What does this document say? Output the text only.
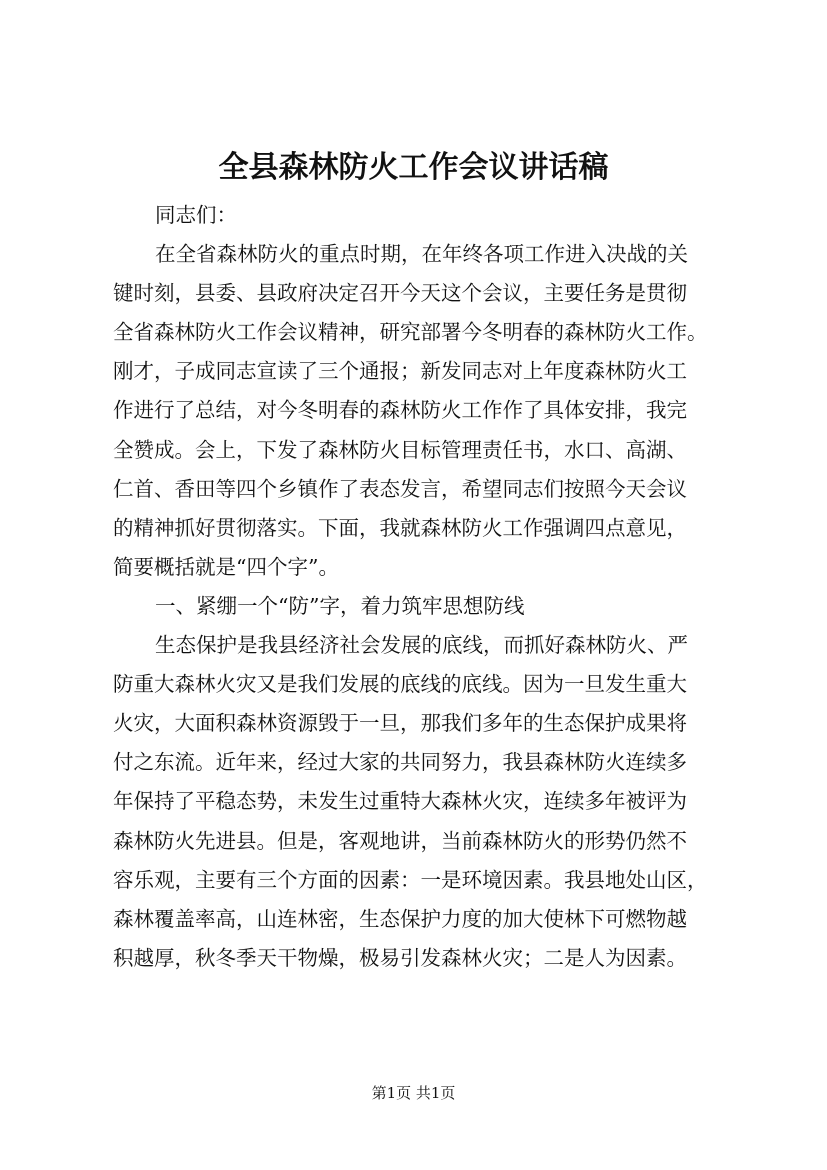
全县森林防火工作会议讲话稿
同志们：
在全省森林防火的重点时期，在年终各项工作进入决战的关
键时刻，县委、县政府决定召开今天这个会议，主要任务是贯彻
全省森林防火工作会议精神，研究部署今冬明春的森林防火工作。
刚才，子成同志宣读了三个通报；新发同志对上年度森林防火工
作进行了总结，对今冬明春的森林防火工作作了具体安排，我完
全赞成。会上，下发了森林防火目标管理责任书，水口、高湖、
仁首、香田等四个乡镇作了表态发言，希望同志们按照今天会议
的精神抓好贯彻落实。下面，我就森林防火工作强调四点意见，
简要概括就是“四个字”。
一、紧绷一个“防”字，着力筑牢思想防线
生态保护是我县经济社会发展的底线，而抓好森林防火、严
防重大森林火灾又是我们发展的底线的底线。因为一旦发生重大
火灾，大面积森林资源毁于一旦，那我们多年的生态保护成果将
付之东流。近年来，经过大家的共同努力，我县森林防火连续多
年保持了平稳态势，未发生过重特大森林火灾，连续多年被评为
森林防火先进县。但是，客观地讲，当前森林防火的形势仍然不
容乐观，主要有三个方面的因素：一是环境因素。我县地处山区，
森林覆盖率高，山连林密，生态保护力度的加大使林下可燃物越
积越厚，秋冬季天干物燥，极易引发森林火灾；二是人为因素。
第1页 共1页
